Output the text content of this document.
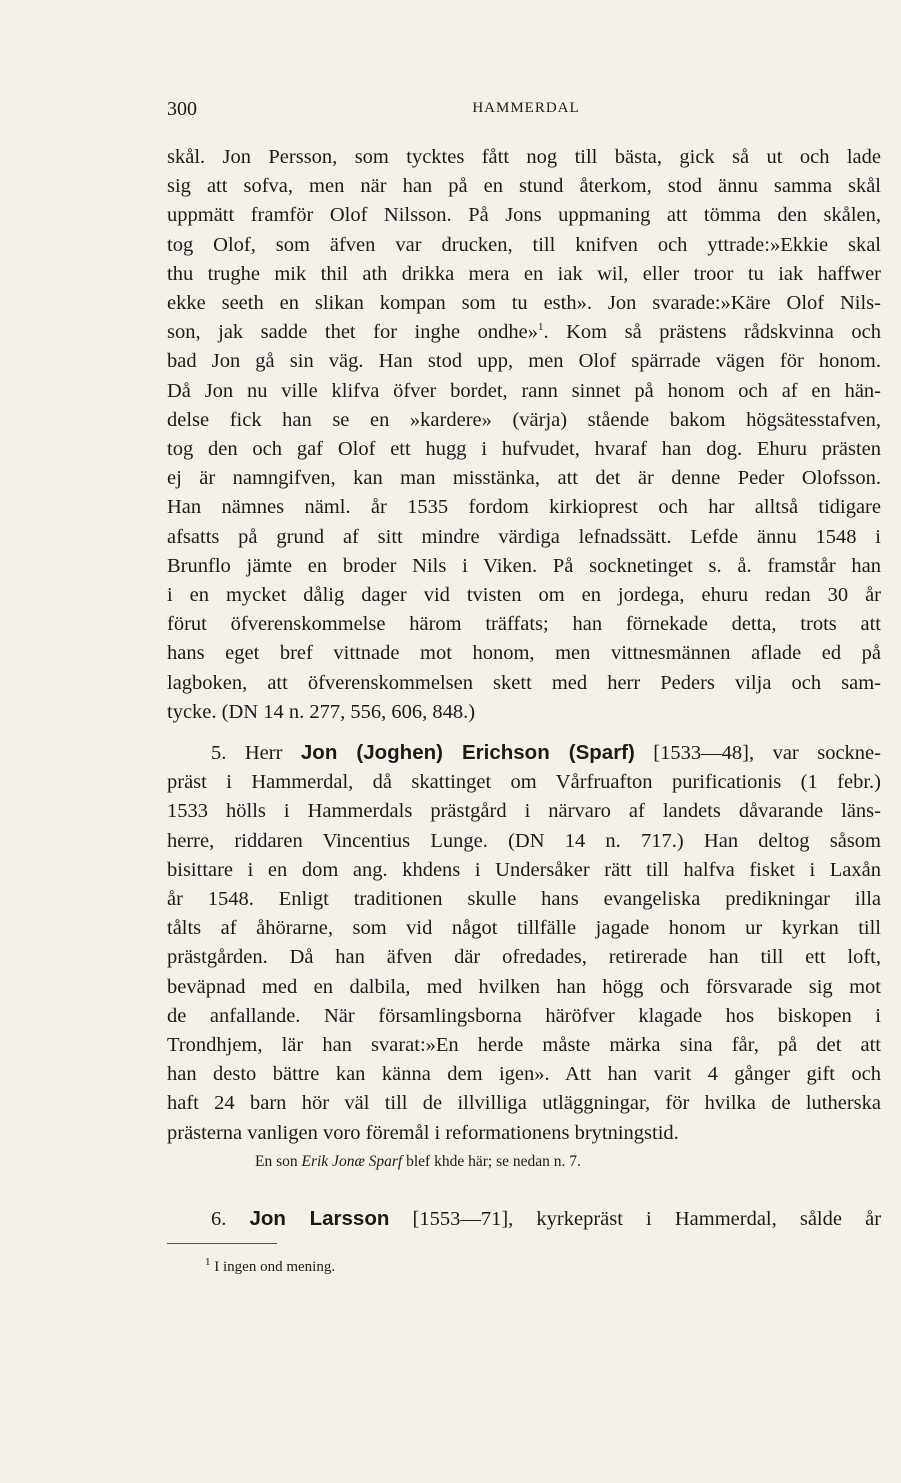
300	HAMMERDAL
skål. Jon Persson, som tycktes fått nog till bästa, gick så ut och lade
sig att sofva, men när han på en stund återkom, stod ännu samma skål
uppmätt framför Olof Nilsson. På Jons uppmaning att tömma den skålen,
tog Olof, som äfven var drucken, till knifven och yttrade:»Ekkie skal
thu trughe mik thil ath drikka mera en iak wil, eller troor tu iak haffwer
ekke seeth en slikan kompan som tu esth». Jon svarade:»Käre Olof Nils-
son, jak sadde thet for inghe ondhe»$^1$. Kom så prästens rådskvinna och
bad Jon gå sin väg. Han stod upp, men Olof spärrade vägen för honom.
Då Jon nu ville klifva öfver bordet, rann sinnet på honom och af en hän-
delse fick han se en »kardere» (värja) stående bakom högsätesstafven,
tog den och gaf Olof ett hugg i hufvudet, hvaraf han dog. Ehuru prästen
ej är namngifven, kan man misstänka, att det är denne Peder Olofsson.
Han nämnes näml. år 1535 fordom kirkioprest och har alltså tidigare
afsatts på grund af sitt mindre värdiga lefnadssätt. Lefde ännu 1548 i
Brunflo jämte en broder Nils i Viken. På socknetinget s. å. framstår han
i en mycket dålig dager vid tvisten om en jordega, ehuru redan 30 år
förut öfverenskommelse härom träffats; han förnekade detta, trots att
hans eget bref vittnade mot honom, men vittnesmännen aflade ed på
lagboken, att öfverenskommelsen skett med herr Peders vilja och sam-
tycke. (DN 14 n. 277, 556, 606, 848.)
5. Herr Jon (Joghen) Erichson (Sparf) [1533—48], var sockne-
präst i Hammerdal, då skattinget om Vårfruafton purificationis (1 febr.)
1533 hölls i Hammerdals prästgård i närvaro af landets dåvarande läns-
herre, riddaren Vincentius Lunge. (DN 14 n. 717.) Han deltog såsom
bisittare i en dom ang. khdens i Undersåker rätt till halfva fisket i Laxån
år 1548. Enligt traditionen skulle hans evangeliska predikningar illa
tålts af åhörarne, som vid något tillfälle jagade honom ur kyrkan till
prästgården. Då han äfven där ofredades, retirerade han till ett loft,
beväpnad med en dalbila, med hvilken han högg och försvarade sig mot
de anfallande. När församlingsborna häröfver klagade hos biskopen i
Trondhjem, lär han svarat:»En herde måste märka sina får, på det att
han desto bättre kan känna dem igen». Att han varit 4 gånger gift och
haft 24 barn hör väl till de illvilliga utläggningar, för hvilka de lutherska
prästerna vanligen voro föremål i reformationens brytningstid.
En son Erik Jonæ Sparf blef khde här; se nedan n. 7.
6. Jon Larsson [1553—71], kyrkepräst i Hammerdal, sålde år
$^1$ I ingen ond mening.
